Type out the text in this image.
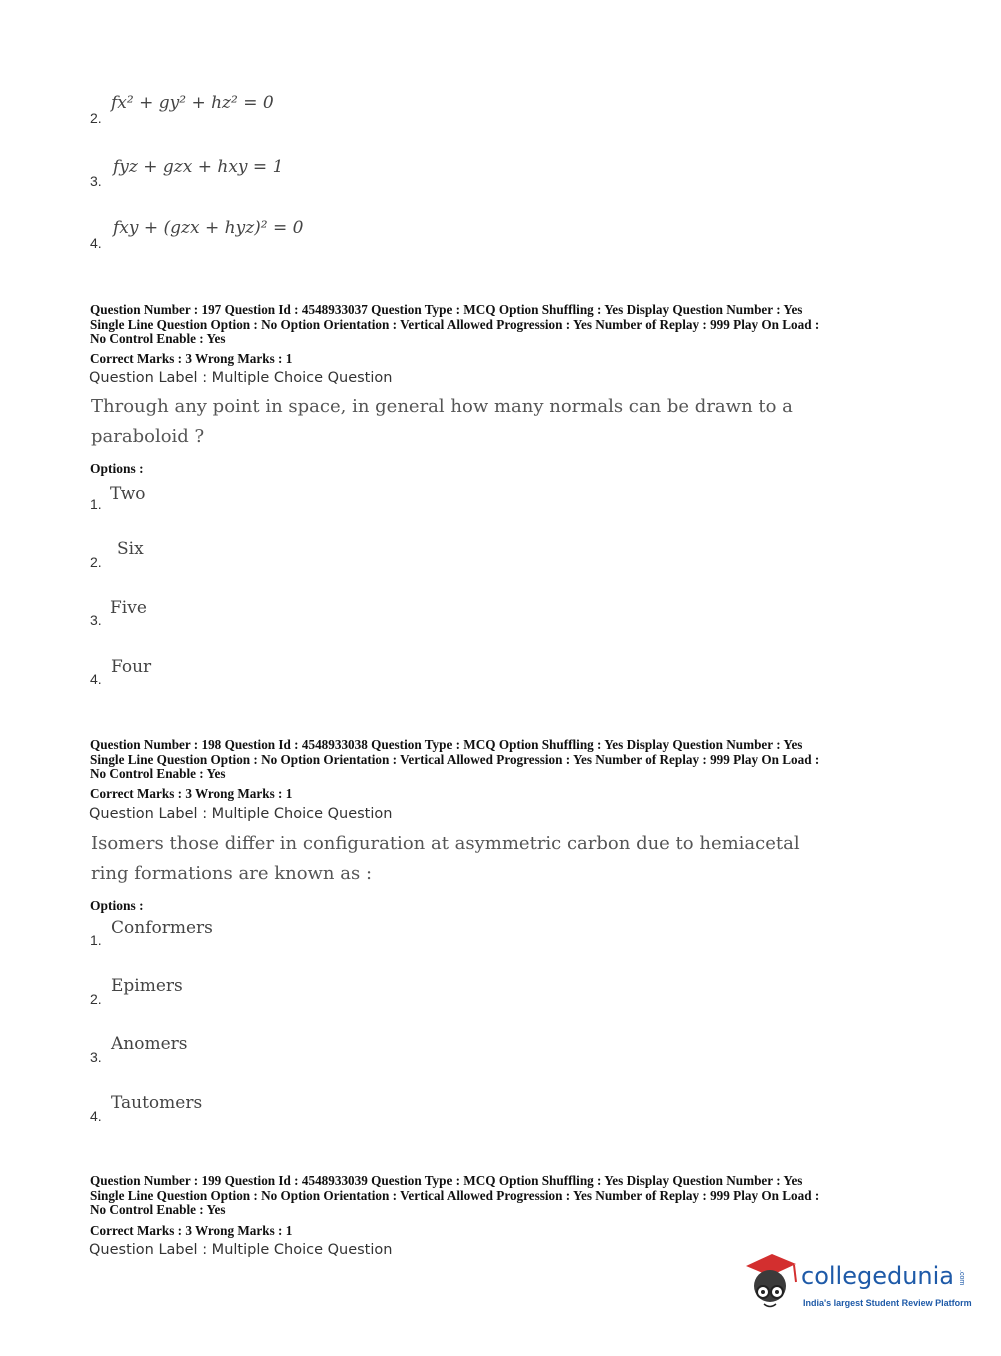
2.
fx² + gy² + hz² = 0
3.
fyz + gzx + hxy = 1
4.
fxy + (gzx + hyz)² = 0
Question Number : 197 Question Id : 4548933037 Question Type : MCQ Option Shuffling : Yes Display Question Number : Yes
Single Line Question Option : No Option Orientation : Vertical Allowed Progression : Yes Number of Replay : 999 Play On Load :
No Control Enable : Yes
Correct Marks : 3 Wrong Marks : 1
Question Label : Multiple Choice Question
Through any point in space, in general how many normals can be drawn to a
paraboloid ?
Options :
1. Two
2.
Six
3.
Five
4.
Four
Question Number : 198 Question Id : 4548933038 Question Type : MCQ Option Shuffling : Yes Display Question Number : Yes
Single Line Question Option : No Option Orientation : Vertical Allowed Progression : Yes Number of Replay : 999 Play On Load :
No Control Enable : Yes
Correct Marks : 3 Wrong Marks : 1
Question Label : Multiple Choice Question
Isomers those differ in configuration at asymmetric carbon due to hemiacetal
ring formations are known as :
Options :
1.
Conformers
2.
Epimers
3.
Anomers
4.
Tautomers
Question Number : 199 Question Id : 4548933039 Question Type : MCQ Option Shuffling : Yes Display Question Number : Yes
Single Line Question Option : No Option Orientation : Vertical Allowed Progression : Yes Number of Replay : 999 Play On Load :
No Control Enable : Yes
Correct Marks : 3 Wrong Marks : 1
Question Label : Multiple Choice Question
collegedunia .com
India's largest Student Review Platform
